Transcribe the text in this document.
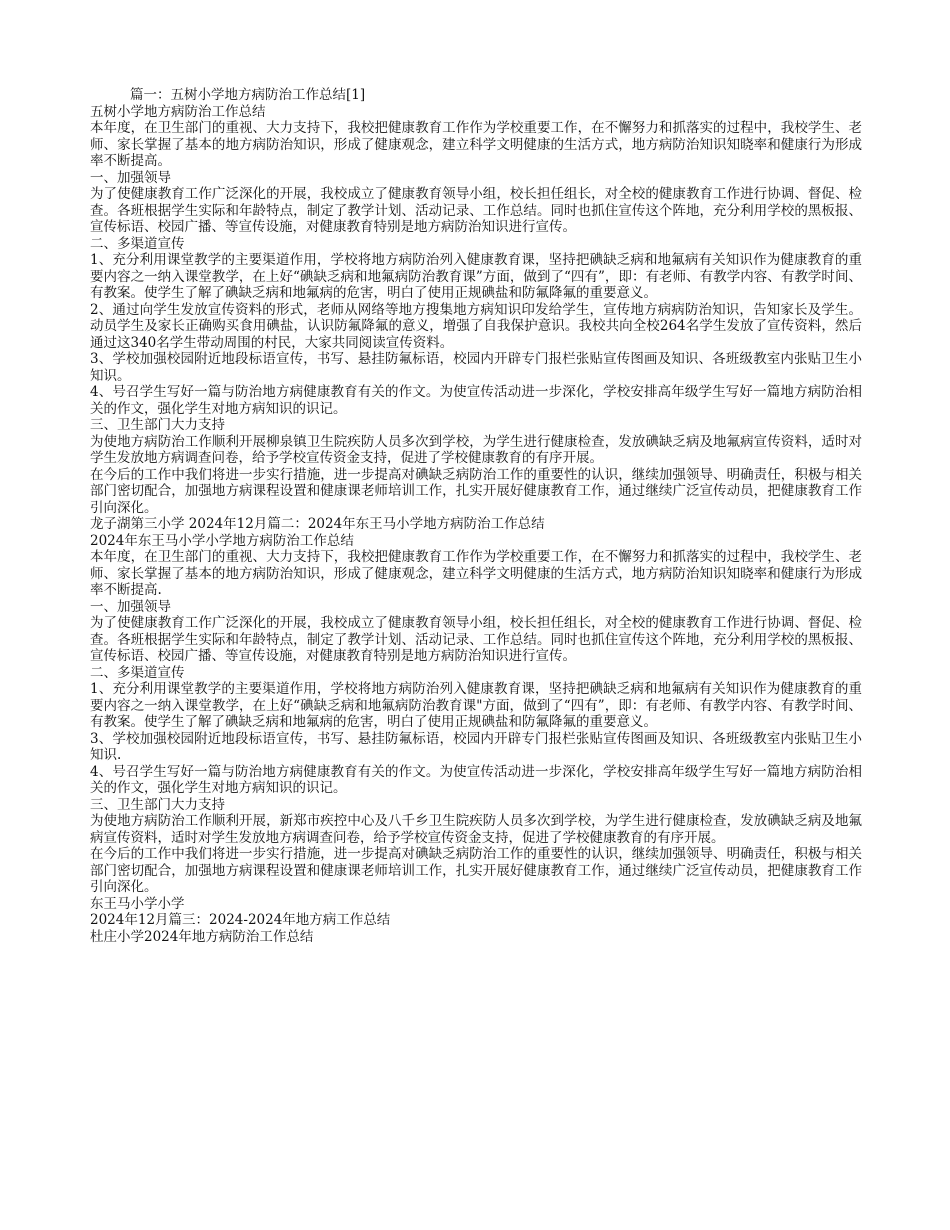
篇一：五树小学地方病防治工作总结[1]

五树小学地方病防治工作总结

本年度，在卫生部门的重视、大力支持下，我校把健康教育工作作为学校重要工作，在不懈努力和抓落实的过程中，我校学生、老师、家长掌握了基本的地方病防治知识，形成了健康观念，建立科学文明健康的生活方式，地方病防治知识知晓率和健康行为形成率不断提高。

一、加强领导

为了使健康教育工作广泛深化的开展，我校成立了健康教育领导小组，校长担任组长，对全校的健康教育工作进行协调、督促、检查。各班根据学生实际和年龄特点，制定了教学计划、活动记录、工作总结。同时也抓住宣传这个阵地，充分利用学校的黑板报、宣传标语、校园广播、等宣传设施，对健康教育特别是地方病防治知识进行宣传。

二、多渠道宣传

1、充分利用课堂教学的主要渠道作用，学校将地方病防治列入健康教育课，坚持把碘缺乏病和地氟病有关知识作为健康教育的重要内容之一纳入课堂教学，在上好“碘缺乏病和地氟病防治教育课”方面，做到了“四有”，即：有老师、有教学内容、有教学时间、有教案。使学生了解了碘缺乏病和地氟病的危害，明白了使用正规碘盐和防氟降氟的重要意义。

2、通过向学生发放宣传资料的形式，老师从网络等地方搜集地方病知识印发给学生，宣传地方病病防治知识，告知家长及学生。动员学生及家长正确购买食用碘盐，认识防氟降氟的意义，增强了自我保护意识。我校共向全校264名学生发放了宣传资料，然后通过这340名学生带动周围的村民，大家共同阅读宣传资料。

3、学校加强校园附近地段标语宣传，书写、悬挂防氟标语，校园内开辟专门报栏张贴宣传图画及知识、各班级教室内张贴卫生小知识。

4、号召学生写好一篇与防治地方病健康教育有关的作文。为使宣传活动进一步深化，学校安排高年级学生写好一篇地方病防治相关的作文，强化学生对地方病知识的识记。

三、卫生部门大力支持

为使地方病防治工作顺利开展柳泉镇卫生院疾防人员多次到学校，为学生进行健康检查，发放碘缺乏病及地氟病宣传资料，适时对学生发放地方病调查问卷，给予学校宣传资金支持，促进了学校健康教育的有序开展。

在今后的工作中我们将进一步实行措施，进一步提高对碘缺乏病防治工作的重要性的认识，继续加强领导、明确责任，积极与相关部门密切配合，加强地方病课程设置和健康课老师培训工作，扎实开展好健康教育工作，通过继续广泛宣传动员，把健康教育工作引向深化。

龙子湖第三小学 2024年12月篇二：2024年东王马小学地方病防治工作总结

2024年东王马小学小学地方病防治工作总结

本年度，在卫生部门的重视、大力支持下，我校把健康教育工作作为学校重要工作，在不懈努力和抓落实的过程中，我校学生、老师、家长掌握了基本的地方病防治知识，形成了健康观念，建立科学文明健康的生活方式，地方病防治知识知晓率和健康行为形成率不断提高.

一、加强领导

为了使健康教育工作广泛深化的开展，我校成立了健康教育领导小组，校长担任组长，对全校的健康教育工作进行协调、督促、检查。各班根据学生实际和年龄特点，制定了教学计划、活动记录、工作总结。同时也抓住宣传这个阵地，充分利用学校的黑板报、宣传标语、校园广播、等宣传设施，对健康教育特别是地方病防治知识进行宣传。

二、多渠道宣传

1、充分利用课堂教学的主要渠道作用，学校将地方病防治列入健康教育课，坚持把碘缺乏病和地氟病有关知识作为健康教育的重要内容之一纳入课堂教学，在上好“碘缺乏病和地氟病防治教育课"方面，做到了“四有”，即：有老师、有教学内容、有教学时间、有教案。使学生了解了碘缺乏病和地氟病的危害，明白了使用正规碘盐和防氟降氟的重要意义。

3、学校加强校园附近地段标语宣传，书写、悬挂防氟标语，校园内开辟专门报栏张贴宣传图画及知识、各班级教室内张贴卫生小知识.

4、号召学生写好一篇与防治地方病健康教育有关的作文。为使宣传活动进一步深化，学校安排高年级学生写好一篇地方病防治相关的作文，强化学生对地方病知识的识记。

三、卫生部门大力支持

为使地方病防治工作顺利开展，新郑市疾控中心及八千乡卫生院疾防人员多次到学校，为学生进行健康检查，发放碘缺乏病及地氟病宣传资料，适时对学生发放地方病调查问卷，给予学校宣传资金支持，促进了学校健康教育的有序开展。

在今后的工作中我们将进一步实行措施，进一步提高对碘缺乏病防治工作的重要性的认识，继续加强领导、明确责任，积极与相关部门密切配合，加强地方病课程设置和健康课老师培训工作，扎实开展好健康教育工作，通过继续广泛宣传动员，把健康教育工作引向深化。

东王马小学小学

2024年12月篇三：2024-2024年地方病工作总结

杜庄小学2024年地方病防治工作总结
